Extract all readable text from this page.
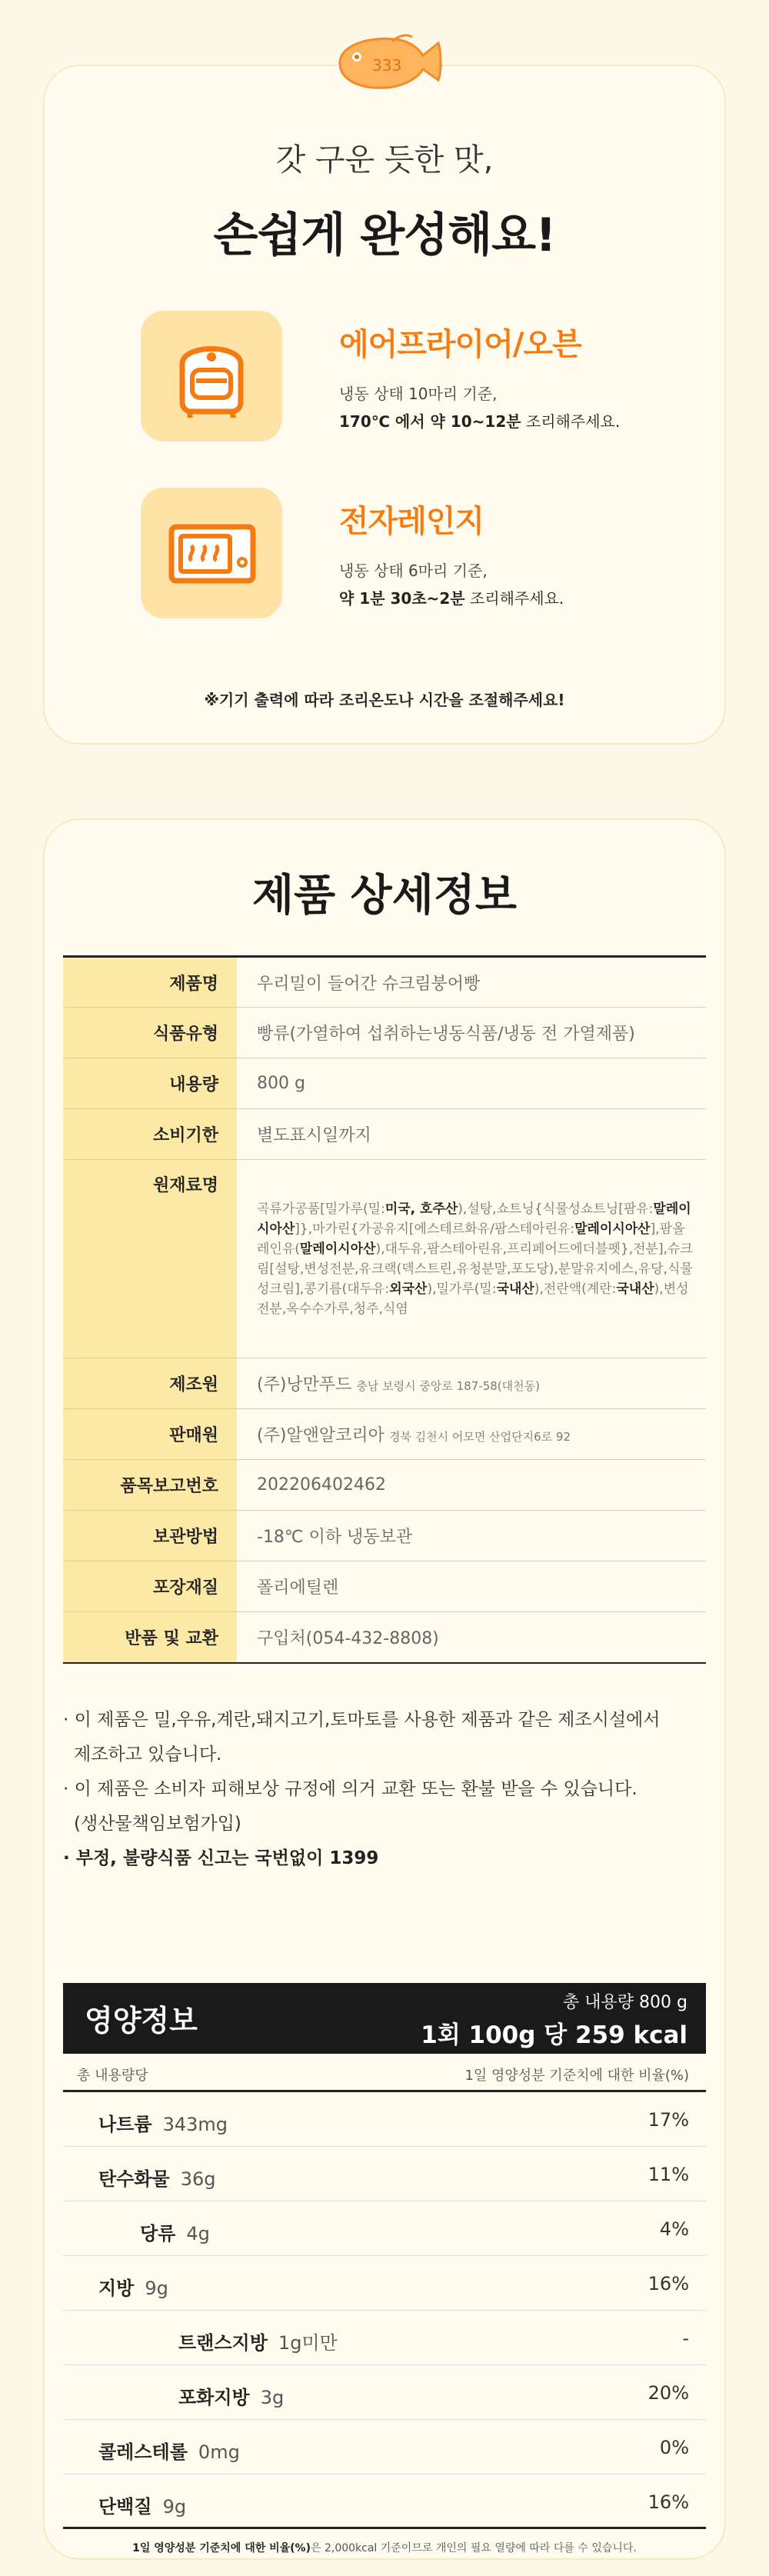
333
갓 구운 듯한 맛,
손쉽게 완성해요!
에어프라이어/오븐
냉동 상태 10마리 기준,
170℃ 에서 약 10~12분 조리해주세요.
전자레인지
냉동 상태 6마리 기준,
약 1분 30초~2분 조리해주세요.
※기기 출력에 따라 조리온도나 시간을 조절해주세요!
제품 상세정보
제품명	우리밀이 들어간 슈크림붕어빵
식품유형	빵류(가열하여 섭취하는냉동식품/냉동 전 가열제품)
내용량	800 g
소비기한	별도표시일까지
원재료명	곡류가공품[밀가루(밀:미국, 호주산),설탕,쇼트닝{식물성쇼트닝[팜유:말레이시아산]},마가린{가공유지[에스테르화유/팜스테아린유:말레이시아산],팜올레인유(말레이시아산),대두유,팜스테아린유,프리페어드에더블펫},전분],슈크림[설탕,변성전분,유크랙(덱스트린,유청분말,포도당),분말유지에스,유당,식물성크림],콩기름(대두유:외국산),밀가루(밀:국내산),전란액(계란:국내산),변성전분,옥수수가루,청주,식염
제조원	(주)낭만푸드 충남 보령시 중앙로 187-58(대천동)
판매원	(주)알앤알코리아 경북 김천시 어모면 산업단지6로 92
품목보고번호	202206402462
보관방법	-18℃ 이하 냉동보관
포장재질	폴리에틸렌
반품 및 교환	구입처(054-432-8808)

· 이 제품은 밀,우유,계란,돼지고기,토마토를 사용한 제품과 같은 제조시설에서

제조하고 있습니다.

· 이 제품은 소비자 피해보상 규정에 의거 교환 또는 환불 받을 수 있습니다.

(생산물책임보험가입)

· 부정, 불량식품 신고는 국번없이 1399

영양정보
총 내용량 800 g
1회 100g 당 259 kcal
총 내용량당	1일 영양성분 기준치에 대한 비율(%)
나트륨 343mg	17%
탄수화물 36g	11%
당류 4g	4%
지방 9g	16%
트랜스지방 1g미만	-
포화지방 3g	20%
콜레스테롤 0mg	0%
단백질 9g	16%
1일 영양성분 기준치에 대한 비율(%)은 2,000kcal 기준이므로 개인의 필요 열량에 따라 다를 수 있습니다.
